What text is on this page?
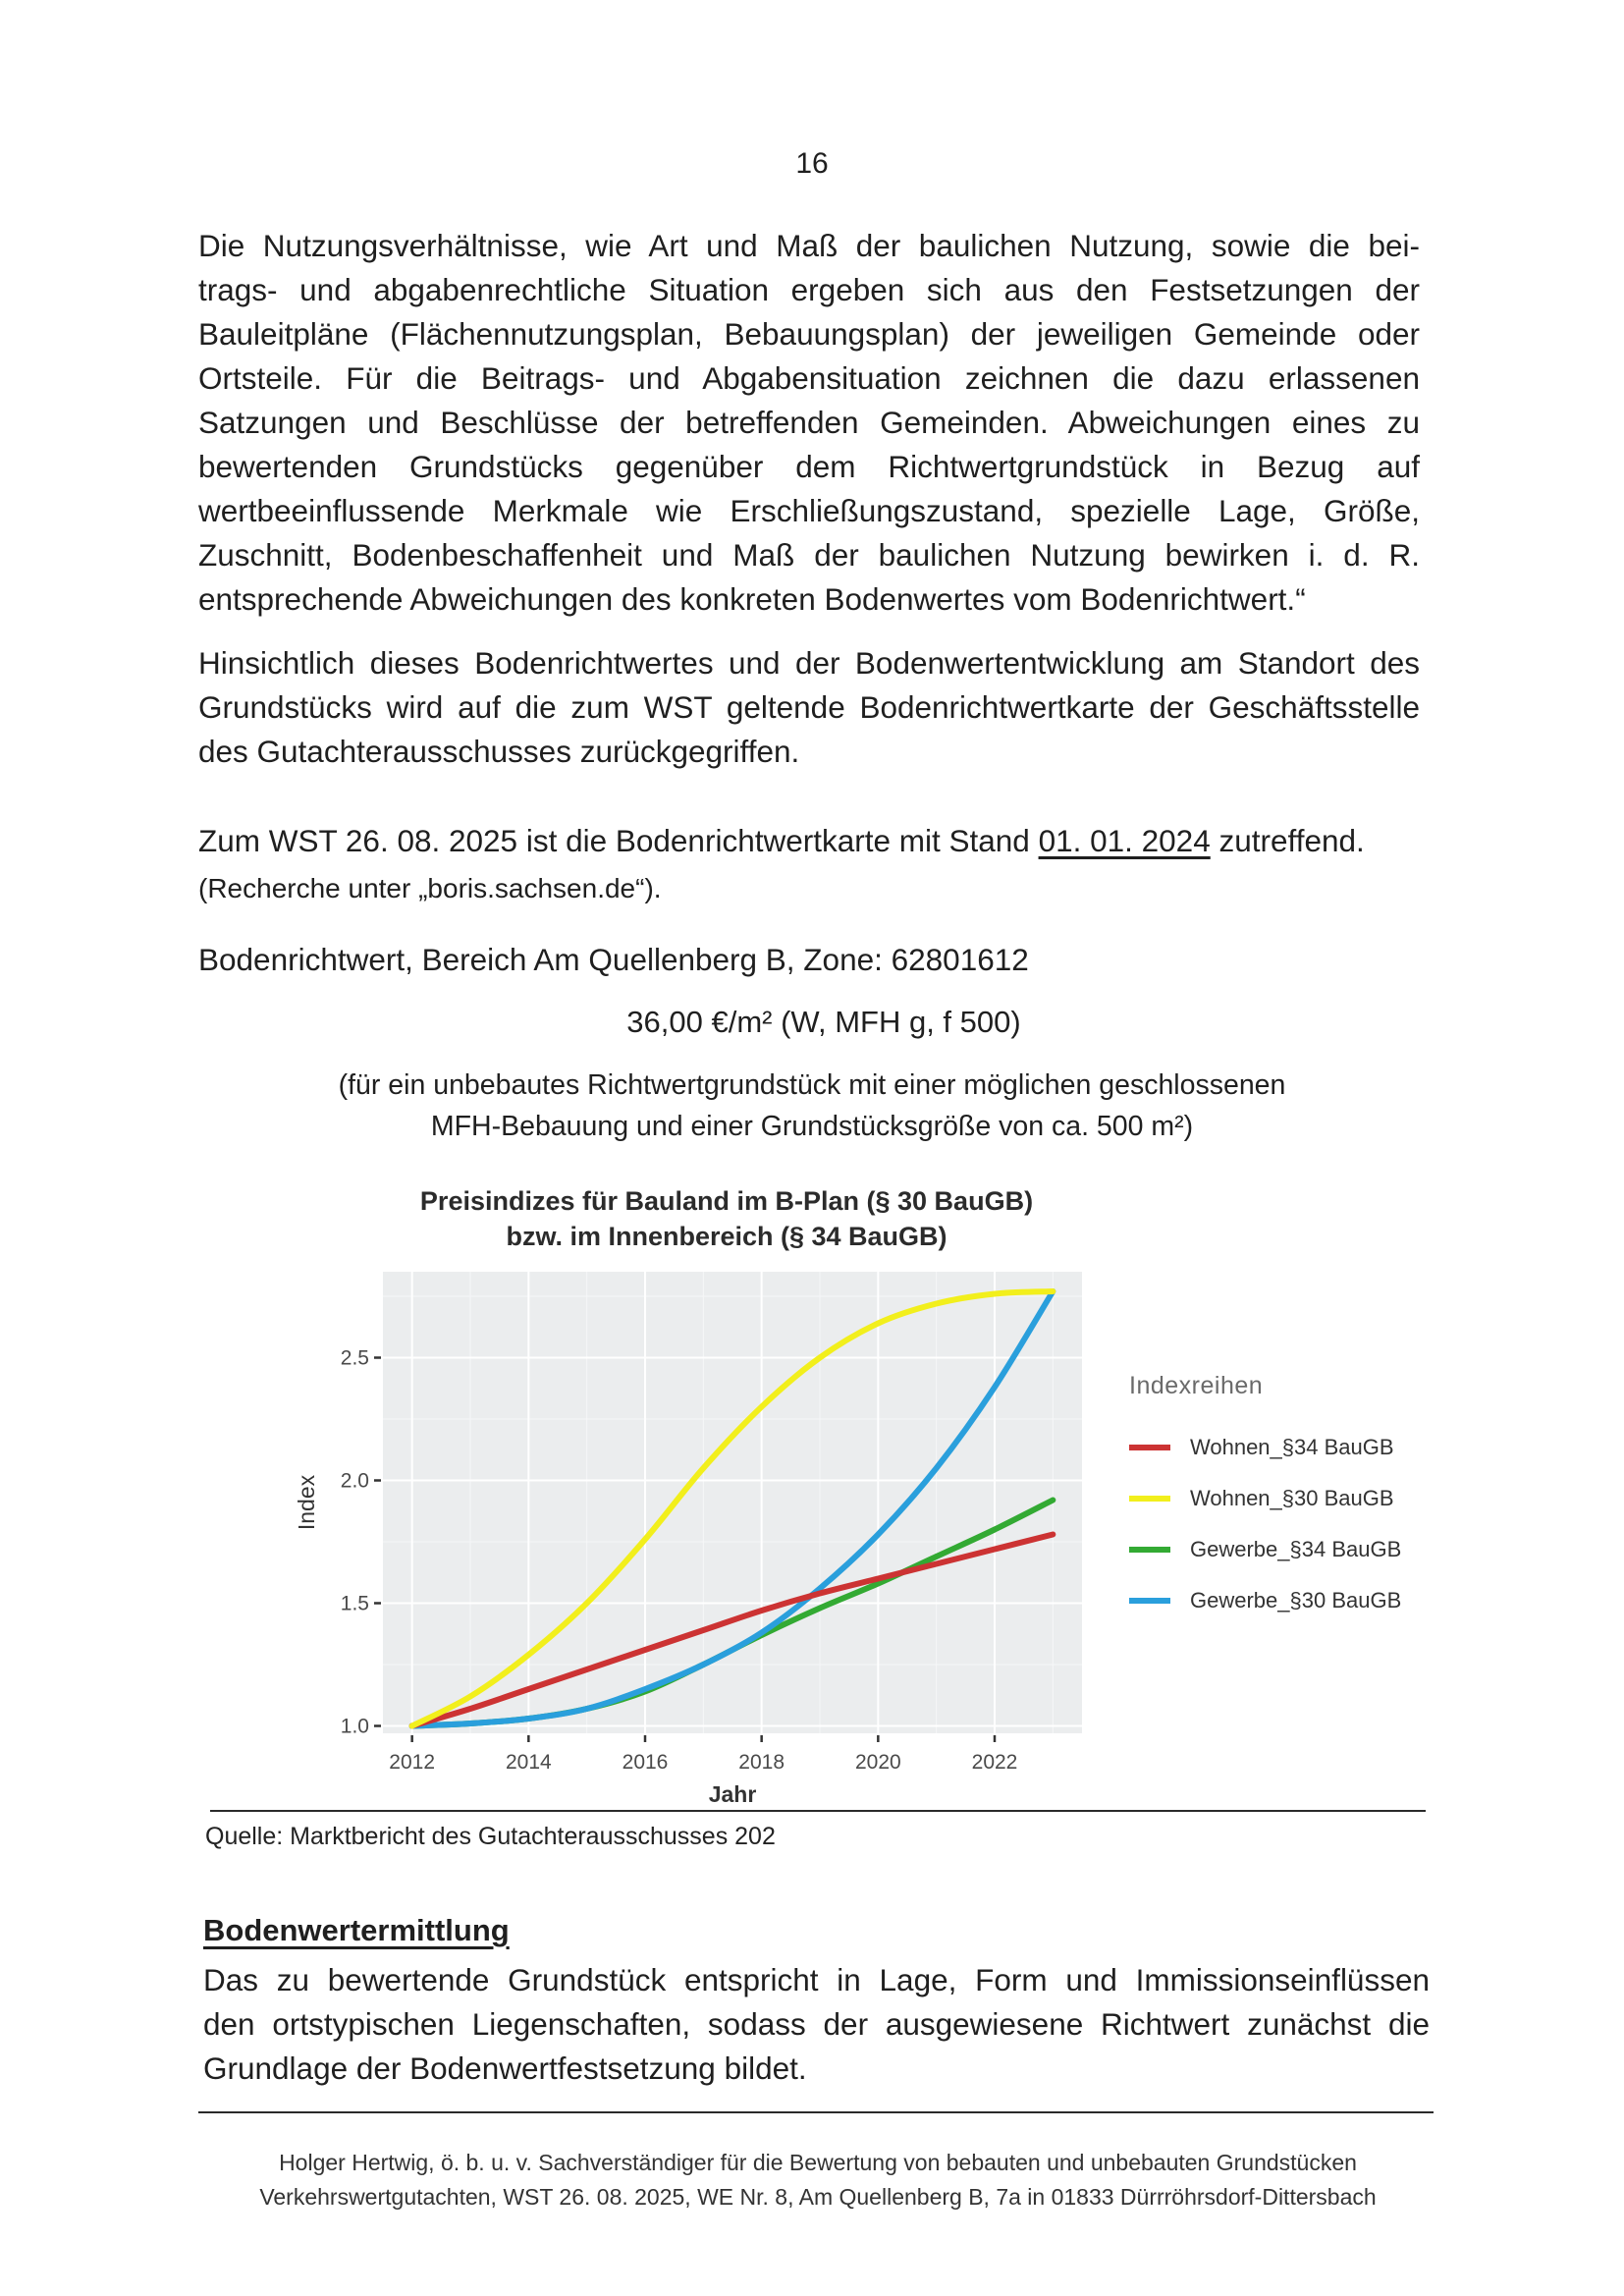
16
Die Nutzungsverhältnisse, wie Art und Maß der baulichen Nutzung, sowie die bei-
trags- und abgabenrechtliche Situation ergeben sich aus den Festsetzungen der
Bauleitpläne (Flächennutzungsplan, Bebauungsplan) der jeweiligen Gemeinde oder
Ortsteile. Für die Beitrags- und Abgabensituation zeichnen die dazu erlassenen
Satzungen und Beschlüsse der betreffenden Gemeinden. Abweichungen eines zu
bewertenden Grundstücks gegenüber dem Richtwertgrundstück in Bezug auf
wertbeeinflussende Merkmale wie Erschließungszustand, spezielle Lage, Größe,
Zuschnitt, Bodenbeschaffenheit und Maß der baulichen Nutzung bewirken i. d. R.
entsprechende Abweichungen des konkreten Bodenwertes vom Bodenrichtwert.“
Hinsichtlich dieses Bodenrichtwertes und der Bodenwertentwicklung am Standort des
Grundstücks wird auf die zum WST geltende Bodenrichtwertkarte der Geschäftsstelle
des Gutachterausschusses zurückgegriffen.
Zum WST 26. 08. 2025 ist die Bodenrichtwertkarte mit Stand 01. 01. 2024 zutreffend.
(Recherche unter „boris.sachsen.de“).
Bodenrichtwert, Bereich Am Quellenberg B, Zone: 62801612
36,00 €/m² (W, MFH g, f 500)
(für ein unbebautes Richtwertgrundstück mit einer möglichen geschlossenen
MFH-Bebauung und einer Grundstücksgröße von ca. 500 m²)
Preisindizes für Bauland im B-Plan (§ 30 BauGB)
bzw. im Innenbereich (§ 34 BauGB)
2012	2014	2016	2018	2020	2022
1.0
1.5
2.0
2.5
Jahr
Index
Indexreihen
Wohnen_§34 BauGB
Wohnen_§30 BauGB
Gewerbe_§34 BauGB
Gewerbe_§30 BauGB
Quelle: Marktbericht des Gutachterausschusses 202
Bodenwertermittlung
Das zu bewertende Grundstück entspricht in Lage, Form und Immissionseinflüssen
den ortstypischen Liegenschaften, sodass der ausgewiesene Richtwert zunächst die
Grundlage der Bodenwertfestsetzung bildet.
Holger Hertwig, ö. b. u. v. Sachverständiger für die Bewertung von bebauten und unbebauten Grundstücken
Verkehrswertgutachten, WST 26. 08. 2025, WE Nr. 8, Am Quellenberg B, 7a in 01833 Dürrröhrsdorf-Dittersbach
